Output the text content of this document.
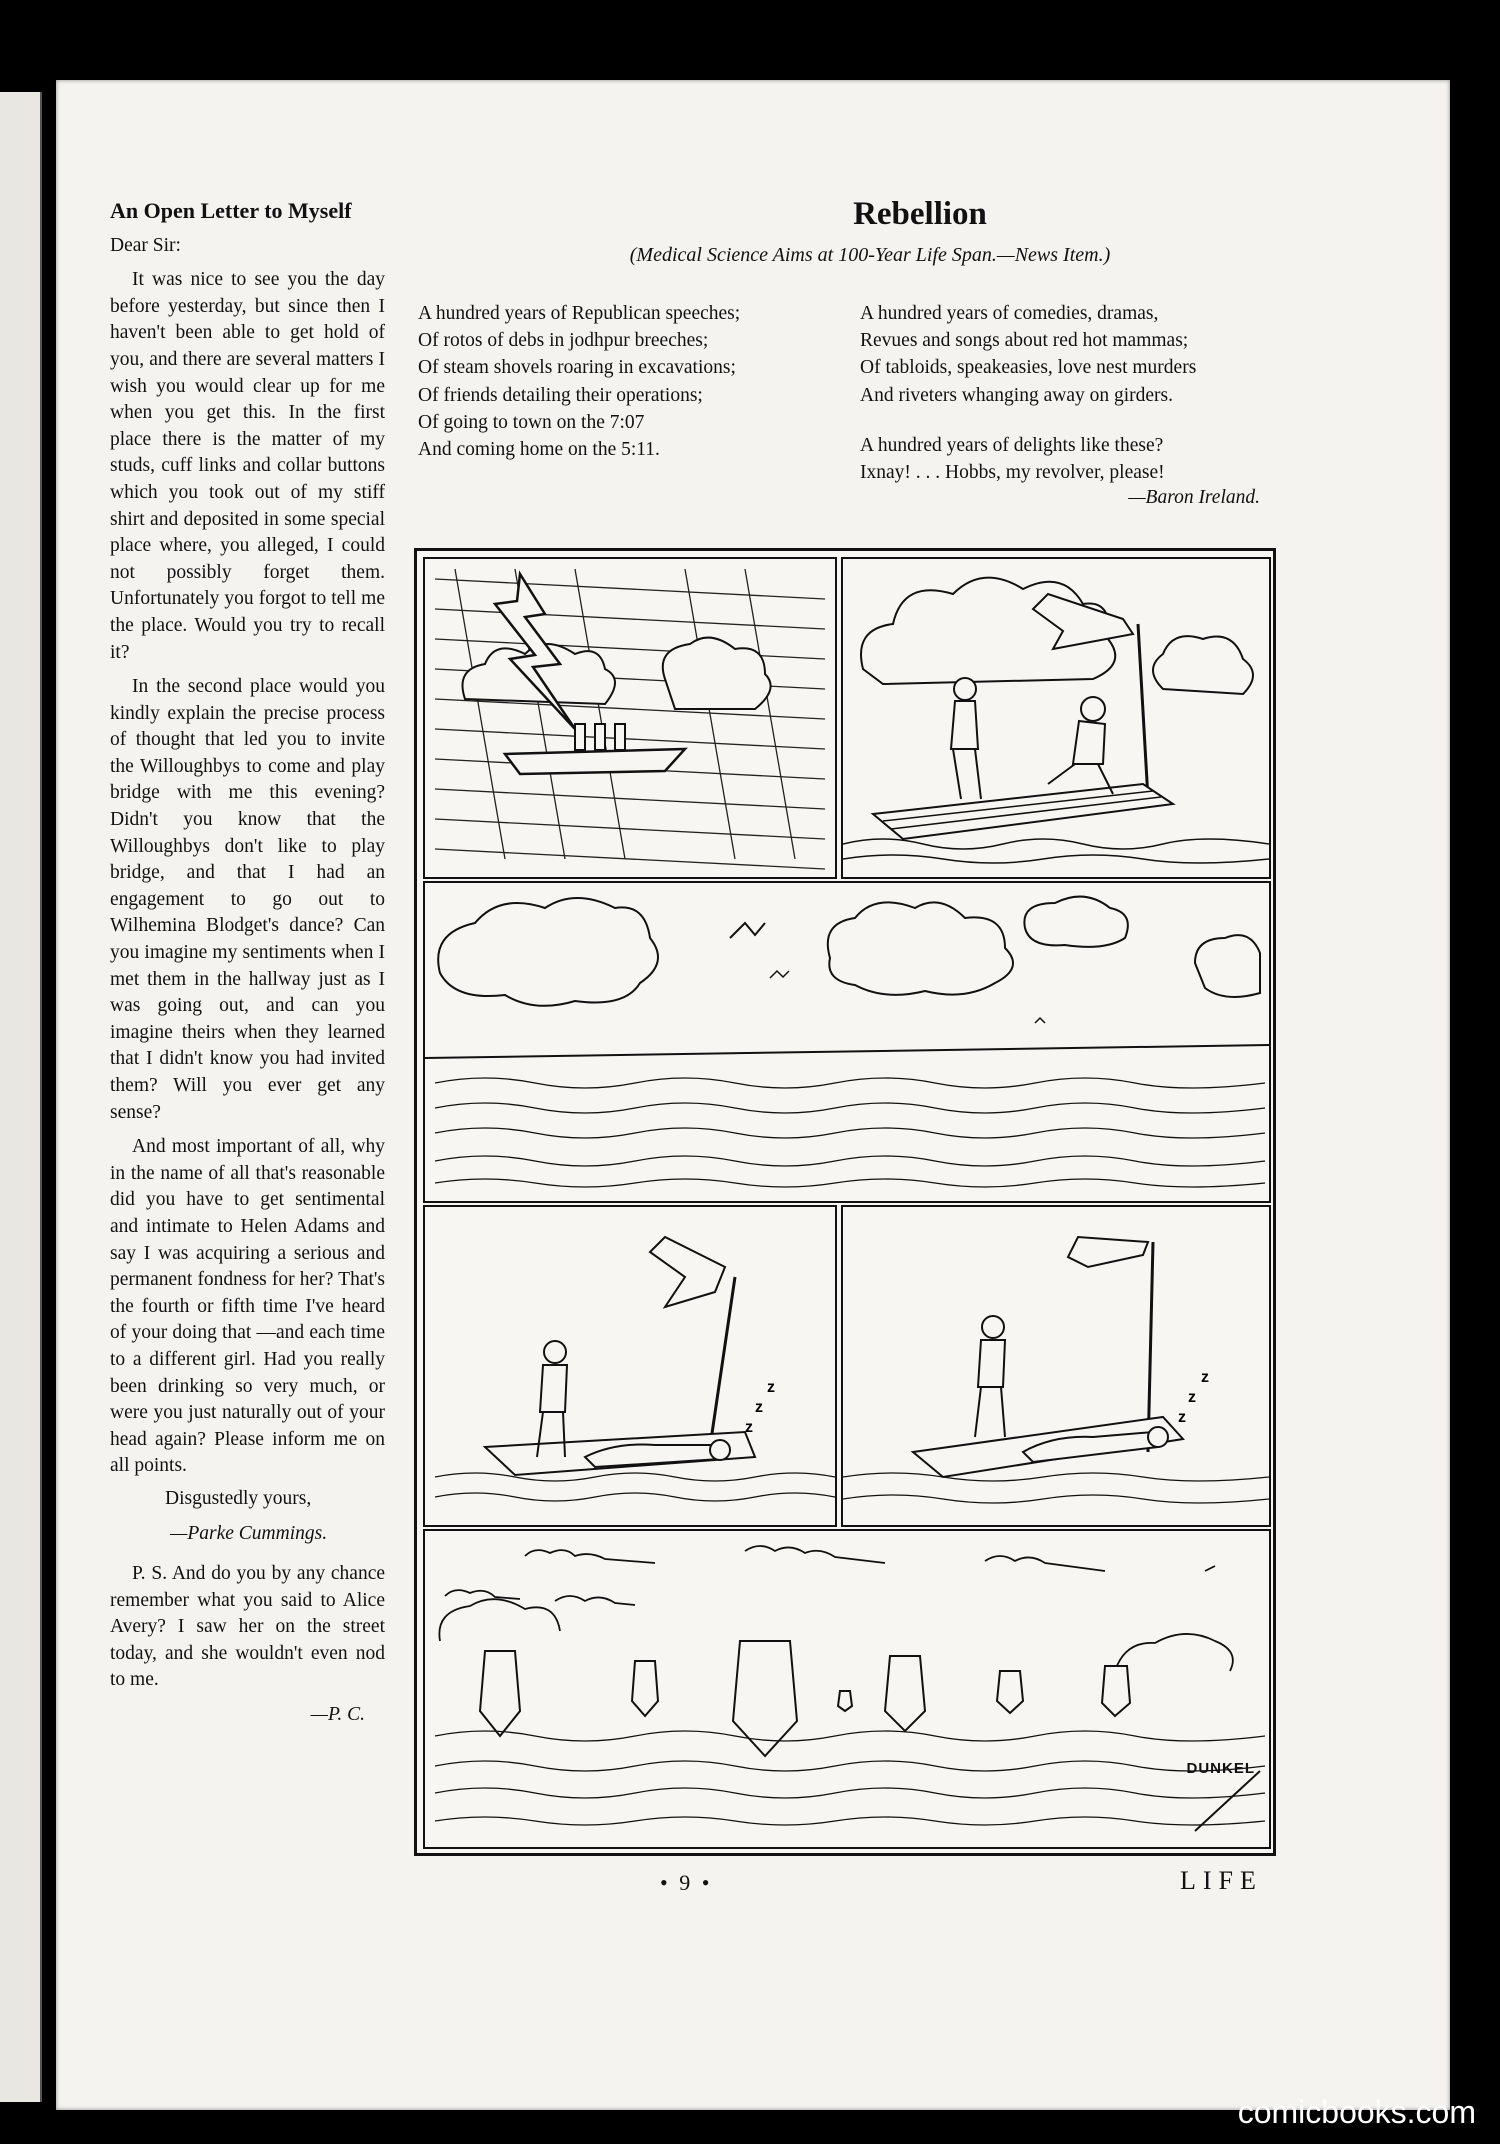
An Open Letter to Myself

Dear Sir:

It was nice to see you the day before yesterday, but since then I haven't been able to get hold of you, and there are several matters I wish you would clear up for me when you get this. In the first place there is the matter of my studs, cuff links and collar buttons which you took out of my stiff shirt and deposited in some special place where, you alleged, I could not possibly forget them. Unfortunately you forgot to tell me the place. Would you try to recall it?

In the second place would you kindly explain the precise process of thought that led you to invite the Willoughbys to come and play bridge with me this evening? Didn't you know that the Willoughbys don't like to play bridge, and that I had an engagement to go out to Wilhemina Blodget's dance? Can you imagine my sentiments when I met them in the hallway just as I was going out, and can you imagine theirs when they learned that I didn't know you had invited them? Will you ever get any sense?

And most important of all, why in the name of all that's reasonable did you have to get sentimental and intimate to Helen Adams and say I was acquiring a serious and permanent fondness for her? That's the fourth or fifth time I've heard of your doing that —and each time to a different girl. Had you really been drinking so very much, or were you just naturally out of your head again? Please inform me on all points.

Disgustedly yours,

—Parke Cummings.

P. S. And do you by any chance remember what you said to Alice Avery? I saw her on the street today, and she wouldn't even nod to me.

—P. C.

Rebellion
(Medical Science Aims at 100-Year Life Span.—News Item.)
A hundred years of Republican speeches;
Of rotos of debs in jodhpur breeches;
Of steam shovels roaring in excavations;
Of friends detailing their operations;
Of going to town on the 7:07
And coming home on the 5:11.
A hundred years of comedies, dramas,
Revues and songs about red hot mammas;
Of tabloids, speakeasies, love nest murders
And riveters whanging away on girders.
A hundred years of delights like these?
Ixnay! . . . Hobbs, my revolver, please!
—Baron Ireland.
z
z
z
z
z
z
DUNKEL
• 9 •	LIFE
comicbooks.com
